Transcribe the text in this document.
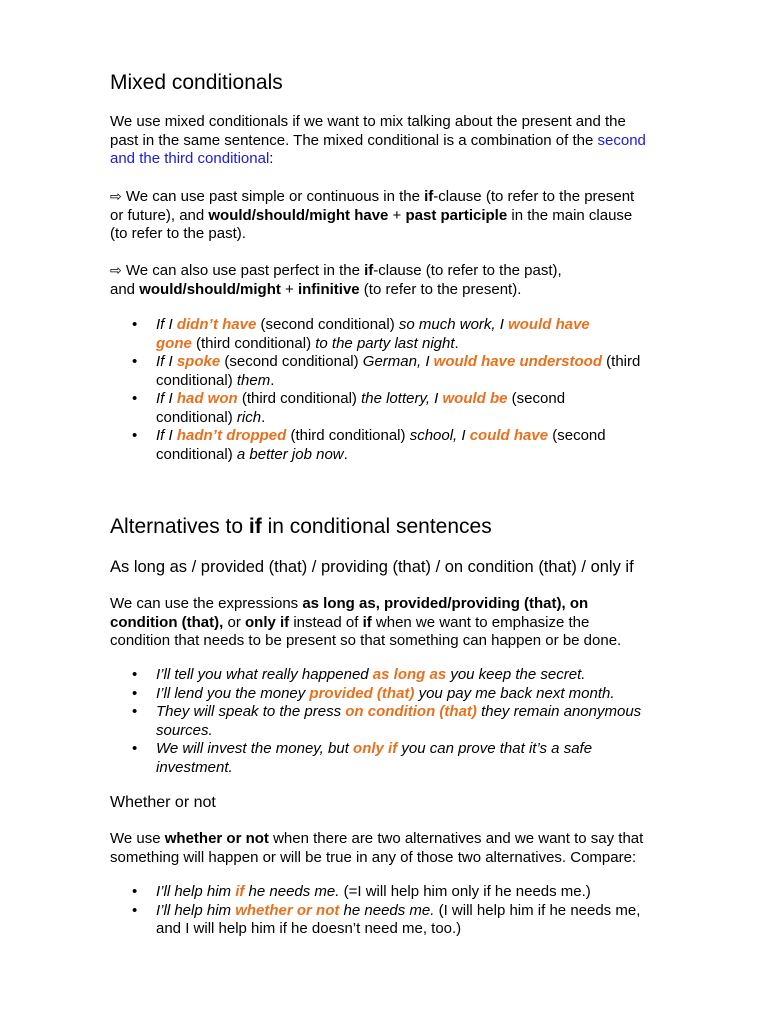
Mixed conditionals
We use mixed conditionals if we want to mix talking about the present and the
past in the same sentence. The mixed conditional is a combination of the second
and the third conditional:
⇨ We can use past simple or continuous in the if-clause (to refer to the present
or future), and would/should/might have + past participle in the main clause
(to refer to the past).
⇨ We can also use past perfect in the if-clause (to refer to the past),
and would/should/might + infinitive (to refer to the present).
• If I didn’t have (second conditional) so much work, I would have
gone (third conditional) to the party last night.
• If I spoke (second conditional) German, I would have understood (third
conditional) them.
• If I had won (third conditional) the lottery, I would be (second
conditional) rich.
• If I hadn’t dropped (third conditional) school, I could have (second
conditional) a better job now.
Alternatives to if in conditional sentences
As long as / provided (that) / providing (that) / on condition (that) / only if
We can use the expressions as long as, provided/providing (that), on
condition (that), or only if instead of if when we want to emphasize the
condition that needs to be present so that something can happen or be done.
• I’ll tell you what really happened as long as you keep the secret.
• I’ll lend you the money provided (that) you pay me back next month.
• They will speak to the press on condition (that) they remain anonymous
sources.
• We will invest the money, but only if you can prove that it’s a safe
investment.
Whether or not
We use whether or not when there are two alternatives and we want to say that
something will happen or will be true in any of those two alternatives. Compare:
• I’ll help him if he needs me. (=I will help him only if he needs me.)
• I’ll help him whether or not he needs me. (I will help him if he needs me,
and I will help him if he doesn’t need me, too.)
